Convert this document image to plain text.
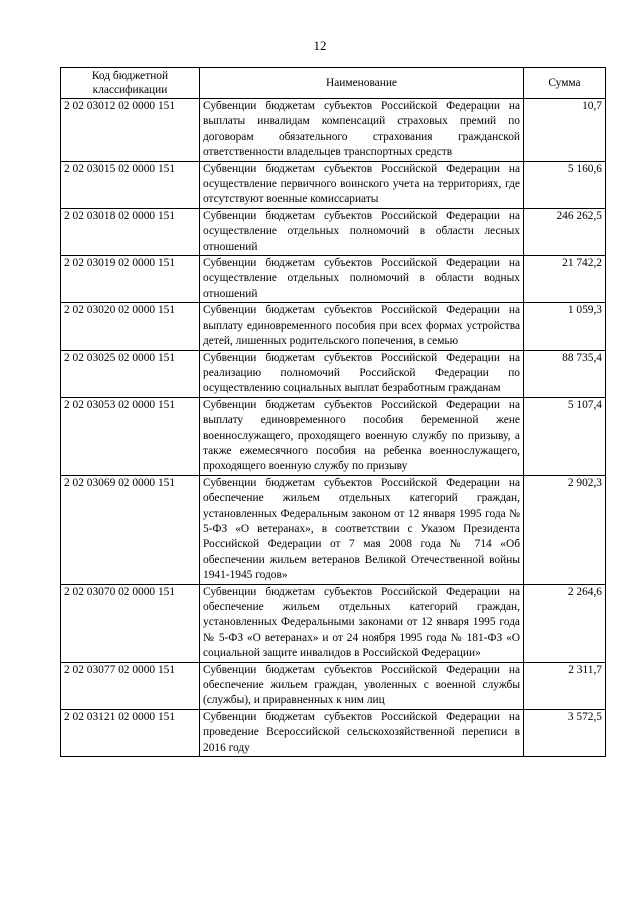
12
Код бюджетной классификации	Наименование	Сумма
2 02 03012 02 0000 151	Субвенции бюджетам субъектов Российской Федерации на выплаты инвалидам компенсаций страховых премий по договорам обязательного страхования гражданской ответственности владельцев транспортных средств	10,7
2 02 03015 02 0000 151	Субвенции бюджетам субъектов Российской Федерации на осуществление первичного воинского учета на территориях, где отсутствуют военные комиссариаты	5 160,6
2 02 03018 02 0000 151	Субвенции бюджетам субъектов Российской Федерации на осуществление отдельных полномочий в области лесных отношений	246 262,5
2 02 03019 02 0000 151	Субвенции бюджетам субъектов Российской Федерации на осуществление отдельных полномочий в области водных отношений	21 742,2
2 02 03020 02 0000 151	Субвенции бюджетам субъектов Российской Федерации на выплату единовременного пособия при всех формах устройства детей, лишенных родительского попечения, в семью	1 059,3
2 02 03025 02 0000 151	Субвенции бюджетам субъектов Российской Федерации на реализацию полномочий Российской Федерации по осуществлению социальных выплат безработным гражданам	88 735,4
2 02 03053 02 0000 151	Субвенции бюджетам субъектов Российской Федерации на выплату единовременного пособия беременной жене военнослужащего, проходящего военную службу по призыву, а также ежемесячного пособия на ребенка военнослужащего, проходящего военную службу по призыву	5 107,4
2 02 03069 02 0000 151	Субвенции бюджетам субъектов Российской Федерации на обеспечение жильем отдельных категорий граждан, установленных Федеральным законом от 12 января 1995 года № 5-ФЗ «О ветеранах», в соответствии с Указом Президента Российской Федерации от 7 мая 2008 года № 714 «Об обеспечении жильем ветеранов Великой Отечественной войны 1941-1945 годов»	2 902,3
2 02 03070 02 0000 151	Субвенции бюджетам субъектов Российской Федерации на обеспечение жильем отдельных категорий граждан, установленных Федеральными законами от 12 января 1995 года № 5-ФЗ «О ветеранах» и от 24 ноября 1995 года № 181-ФЗ «О социальной защите инвалидов в Российской Федерации»	2 264,6
2 02 03077 02 0000 151	Субвенции бюджетам субъектов Российской Федерации на обеспечение жильем граждан, уволенных с военной службы (службы), и приравненных к ним лиц	2 311,7
2 02 03121 02 0000 151	Субвенции бюджетам субъектов Российской Федерации на проведение Всероссийской сельскохозяйственной переписи в 2016 году	3 572,5
